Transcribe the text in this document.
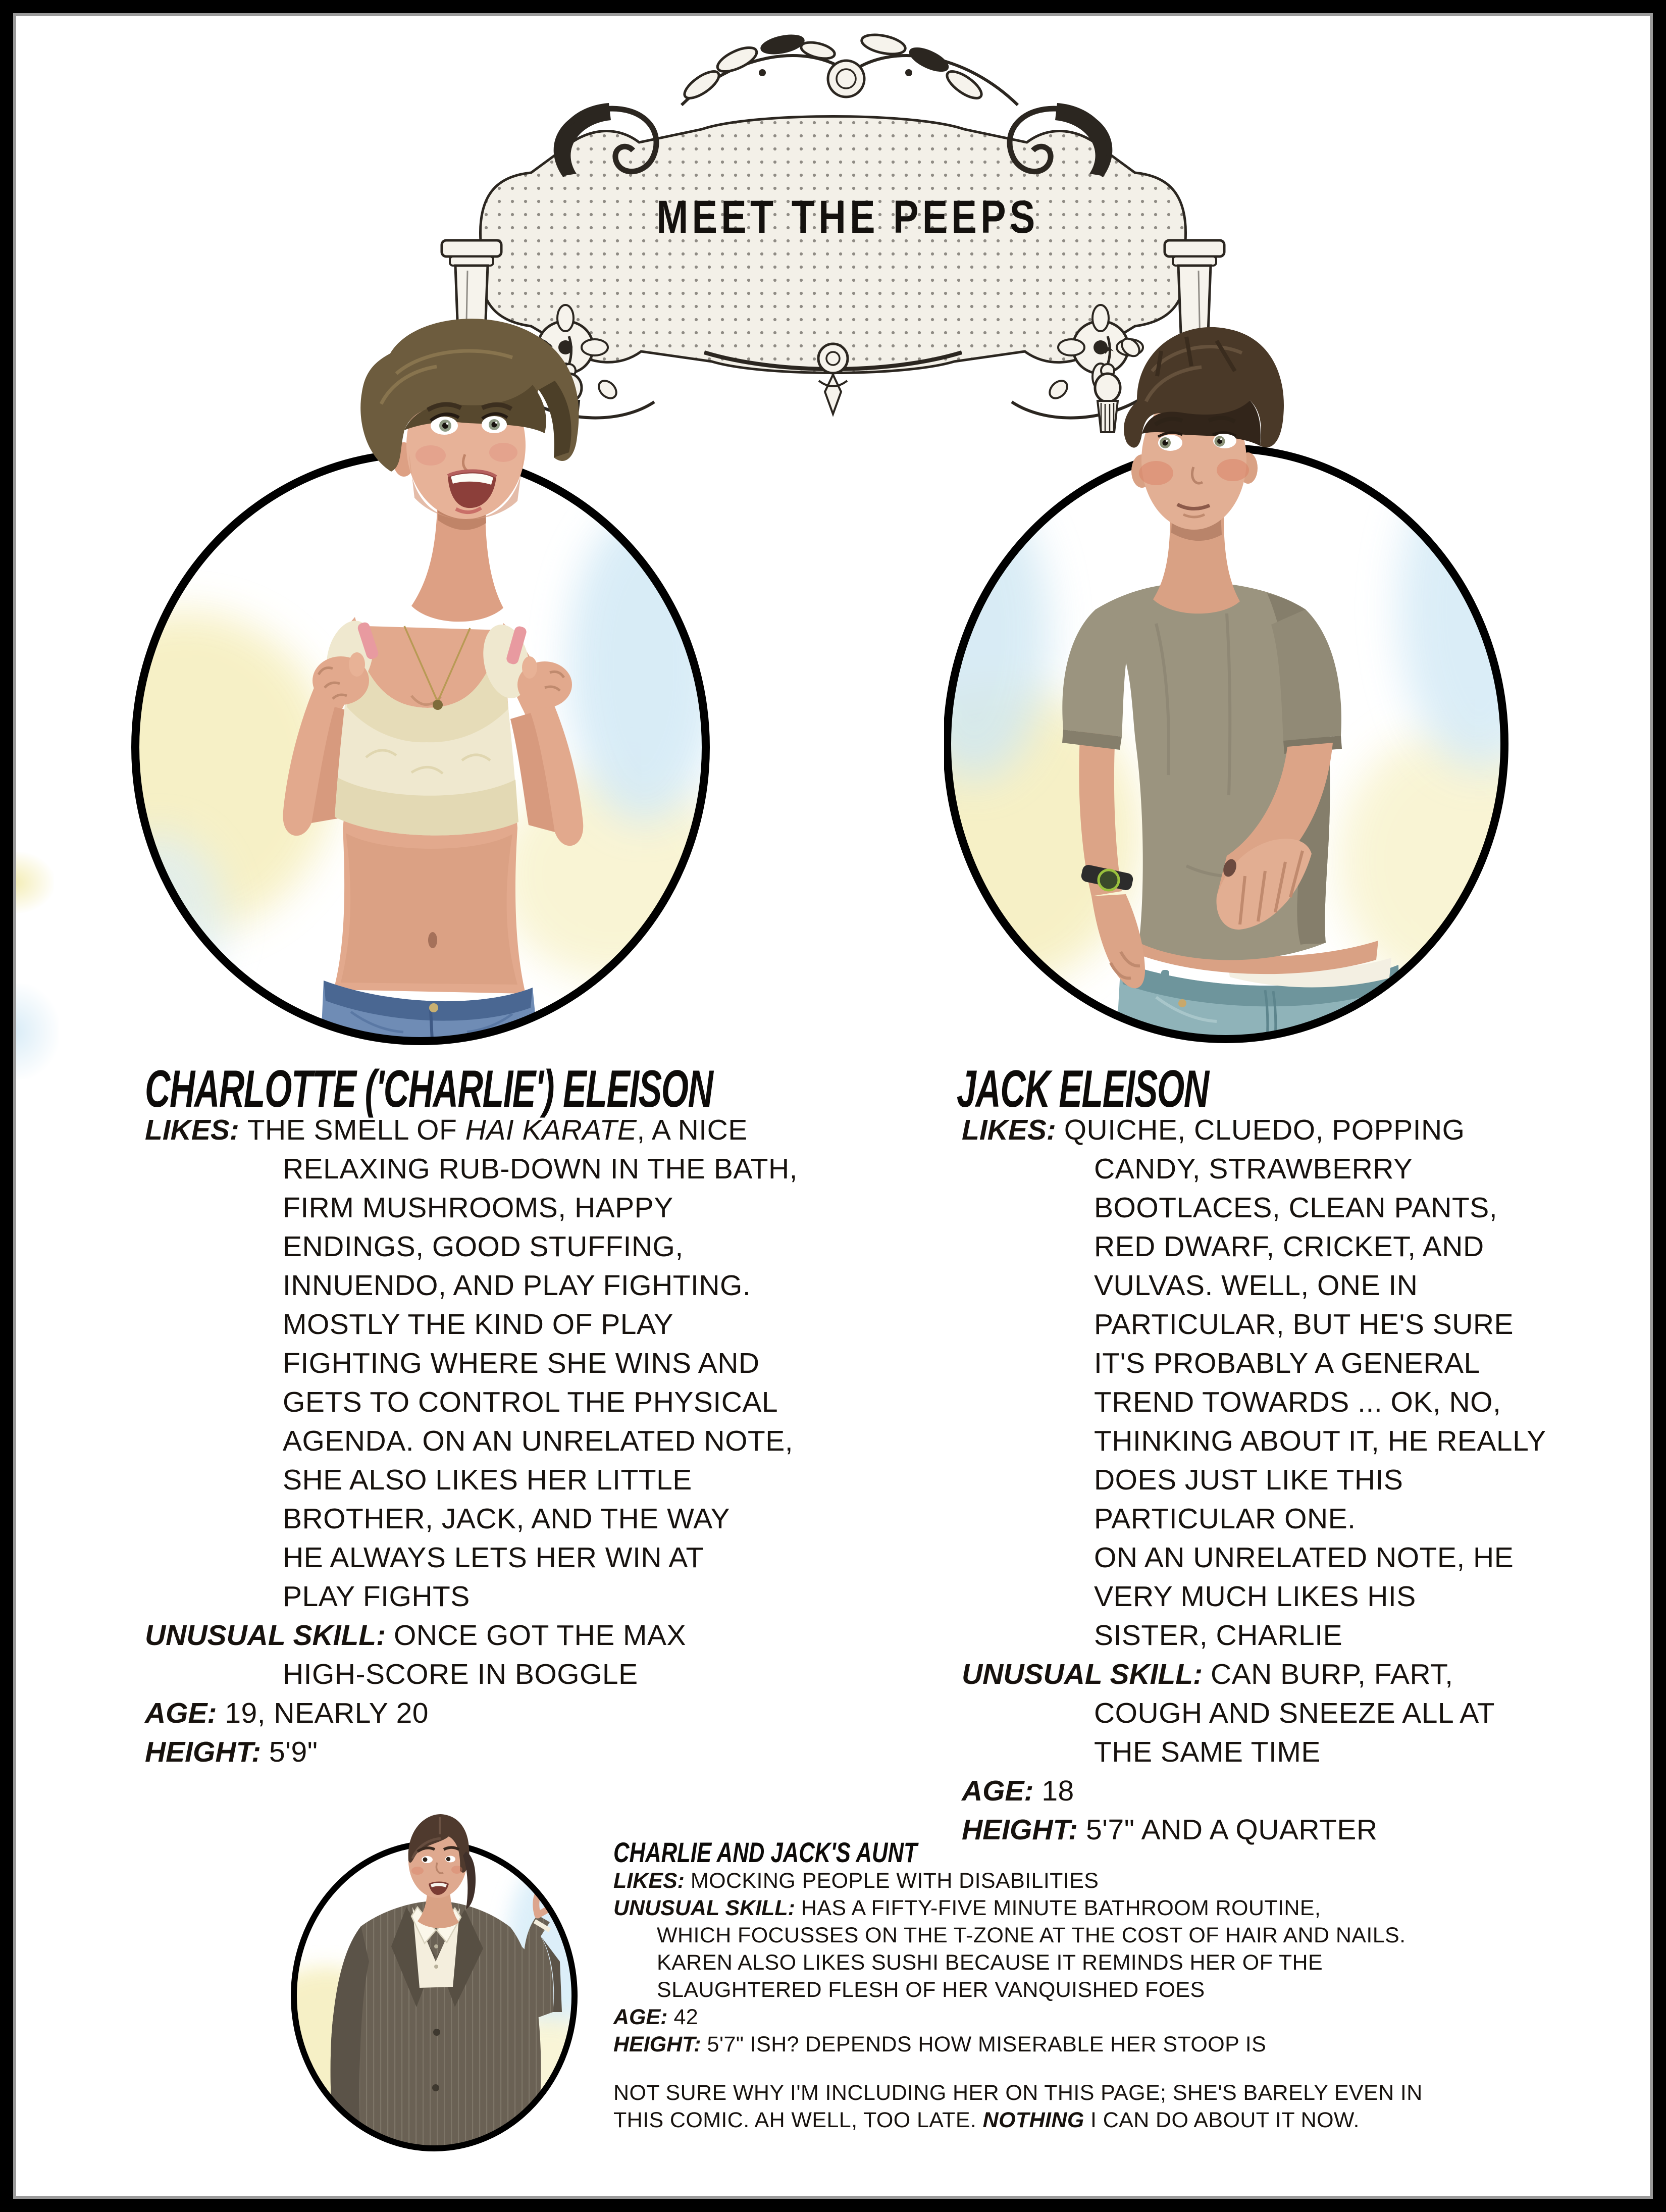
MEET THE PEEPS
CHARLOTTE ('CHARLIE') ELEISON	JACK ELEISON
LIKES: THE SMELL OF HAI KARATE, A NICE
RELAXING RUB-DOWN IN THE BATH,
FIRM MUSHROOMS, HAPPY
ENDINGS, GOOD STUFFING,
INNUENDO, AND PLAY FIGHTING.
MOSTLY THE KIND OF PLAY
FIGHTING WHERE SHE WINS AND
GETS TO CONTROL THE PHYSICAL
AGENDA. ON AN UNRELATED NOTE,
SHE ALSO LIKES HER LITTLE
BROTHER, JACK, AND THE WAY
HE ALWAYS LETS HER WIN AT
PLAY FIGHTS
UNUSUAL SKILL: ONCE GOT THE MAX
HIGH-SCORE IN BOGGLE
AGE: 19, NEARLY 20
HEIGHT: 5'9"
LIKES: QUICHE, CLUEDO, POPPING
CANDY, STRAWBERRY
BOOTLACES, CLEAN PANTS,
RED DWARF, CRICKET, AND
VULVAS. WELL, ONE IN
PARTICULAR, BUT HE'S SURE
IT'S PROBABLY A GENERAL
TREND TOWARDS ... OK, NO,
THINKING ABOUT IT, HE REALLY
DOES JUST LIKE THIS
PARTICULAR ONE.
ON AN UNRELATED NOTE, HE
VERY MUCH LIKES HIS
SISTER, CHARLIE
UNUSUAL SKILL: CAN BURP, FART,
COUGH AND SNEEZE ALL AT
THE SAME TIME
AGE: 18
HEIGHT: 5'7" AND A QUARTER
CHARLIE AND JACK'S AUNT
LIKES: MOCKING PEOPLE WITH DISABILITIES
UNUSUAL SKILL: HAS A FIFTY-FIVE MINUTE BATHROOM ROUTINE,
WHICH FOCUSSES ON THE T-ZONE AT THE COST OF HAIR AND NAILS.
KAREN ALSO LIKES SUSHI BECAUSE IT REMINDS HER OF THE
SLAUGHTERED FLESH OF HER VANQUISHED FOES
AGE: 42
HEIGHT: 5'7" ISH? DEPENDS HOW MISERABLE HER STOOP IS
NOT SURE WHY I'M INCLUDING HER ON THIS PAGE; SHE'S BARELY EVEN IN
THIS COMIC. AH WELL, TOO LATE. NOTHING I CAN DO ABOUT IT NOW.
